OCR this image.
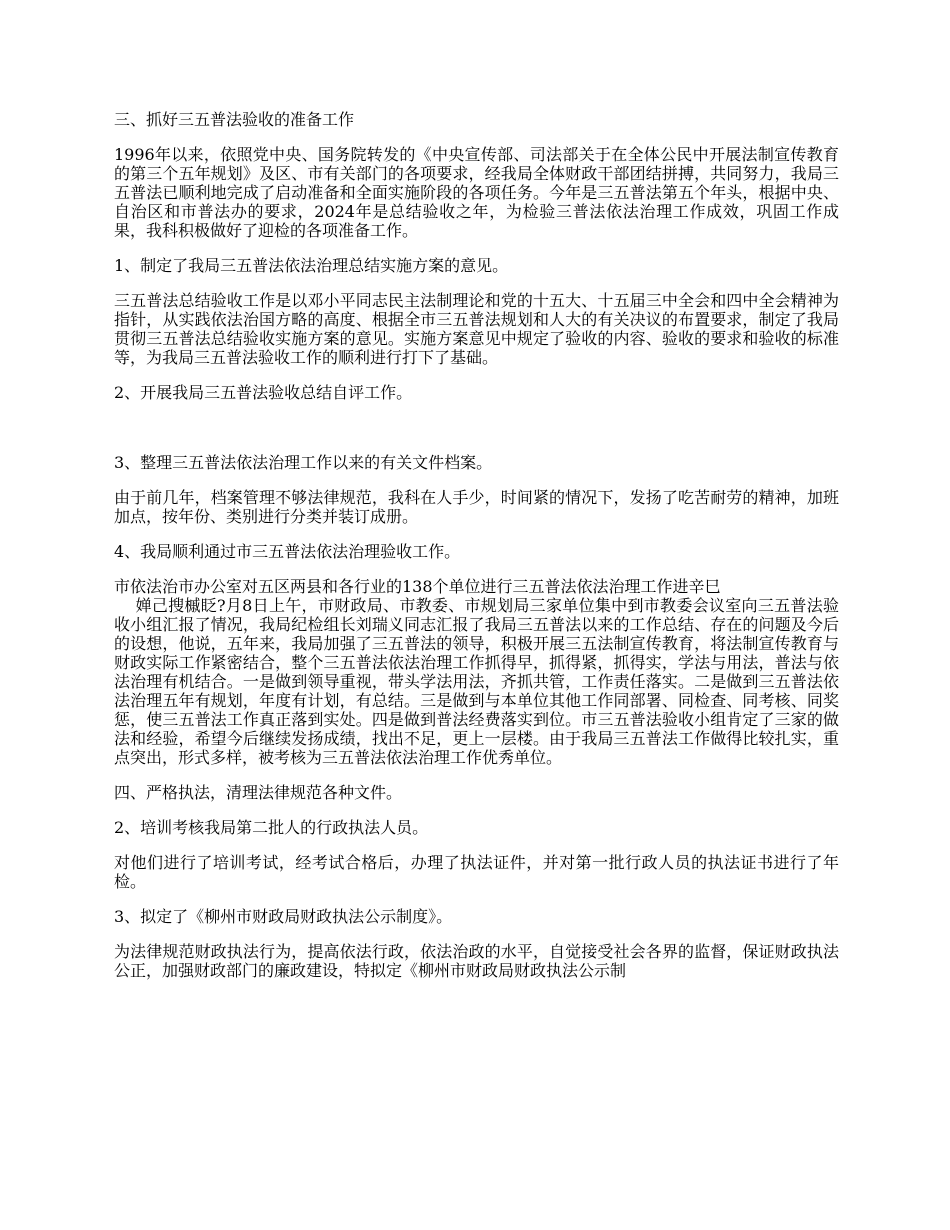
三、抓好三五普法验收的准备工作

1996年以来，依照党中央、国务院转发的《中央宣传部、司法部关于在全体公民中开展法制宣传教育的第三个五年规划》及区、市有关部门的各项要求，经我局全体财政干部团结拼搏，共同努力，我局三五普法已顺利地完成了启动准备和全面实施阶段的各项任务。今年是三五普法第五个年头，根据中央、自治区和市普法办的要求，2024年是总结验收之年，为检验三普法依法治理工作成效，巩固工作成果，我科积极做好了迎检的各项准备工作。

1、制定了我局三五普法依法治理总结实施方案的意见。

三五普法总结验收工作是以邓小平同志民主法制理论和党的十五大、十五届三中全会和四中全会精神为指针，从实践依法治国方略的高度、根据全市三五普法规划和人大的有关决议的布置要求，制定了我局贯彻三五普法总结验收实施方案的意见。实施方案意见中规定了验收的内容、验收的要求和验收的标准等，为我局三五普法验收工作的顺利进行打下了基础。

2、开展我局三五普法验收总结自评工作。

3、整理三五普法依法治理工作以来的有关文件档案。

由于前几年，档案管理不够法律规范，我科在人手少，时间紧的情况下，发扬了吃苦耐劳的精神，加班加点，按年份、类别进行分类并装订成册。

4、我局顺利通过市三五普法依法治理验收工作。

市依法治市办公室对五区两县和各行业的138个单位进行三五普法依法治理工作进辛巳
婵己搜槭眨?月8日上午，市财政局、市教委、市规划局三家单位集中到市教委会议室向三五普法验收小组汇报了情况，我局纪检组长刘瑞义同志汇报了我局三五普法以来的工作总结、存在的问题及今后的设想，他说，五年来，我局加强了三五普法的领导，积极开展三五法制宣传教育，将法制宣传教育与财政实际工作紧密结合，整个三五普法依法治理工作抓得早，抓得紧，抓得实，学法与用法，普法与依法治理有机结合。一是做到领导重视，带头学法用法，齐抓共管，工作责任落实。二是做到三五普法依法治理五年有规划，年度有计划，有总结。三是做到与本单位其他工作同部署、同检查、同考核、同奖惩，使三五普法工作真正落到实处。四是做到普法经费落实到位。市三五普法验收小组肯定了三家的做法和经验，希望今后继续发扬成绩，找出不足，更上一层楼。由于我局三五普法工作做得比较扎实，重点突出，形式多样，被考核为三五普法依法治理工作优秀单位。

四、严格执法，清理法律规范各种文件。

2、培训考核我局第二批人的行政执法人员。

对他们进行了培训考试，经考试合格后，办理了执法证件，并对第一批行政人员的执法证书进行了年检。

3、拟定了《柳州市财政局财政执法公示制度》。

为法律规范财政执法行为，提高依法行政，依法治政的水平，自觉接受社会各界的监督，保证财政执法公正，加强财政部门的廉政建设，特拟定《柳州市财政局财政执法公示制
